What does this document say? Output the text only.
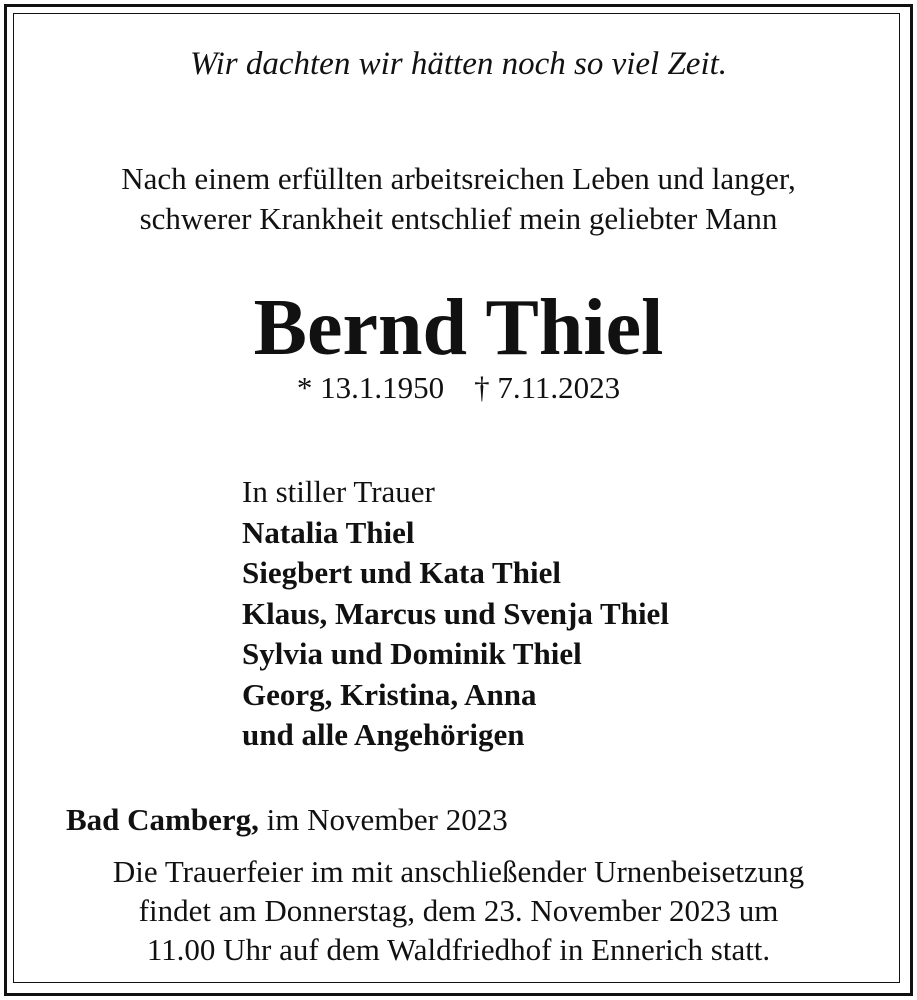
Wir dachten wir hätten noch so viel Zeit.
Nach einem erfüllten arbeitsreichen Leben und langer,
schwerer Krankheit entschlief mein geliebter Mann
Bernd Thiel
* 13.1.1950 † 7.11.2023
In stiller Trauer
Natalia Thiel
Siegbert und Kata Thiel
Klaus, Marcus und Svenja Thiel
Sylvia und Dominik Thiel
Georg, Kristina, Anna
und alle Angehörigen
Bad Camberg, im November 2023
Die Trauerfeier im mit anschließender Urnenbeisetzung
findet am Donnerstag, dem 23. November 2023 um
11.00 Uhr auf dem Waldfriedhof in Ennerich statt.
